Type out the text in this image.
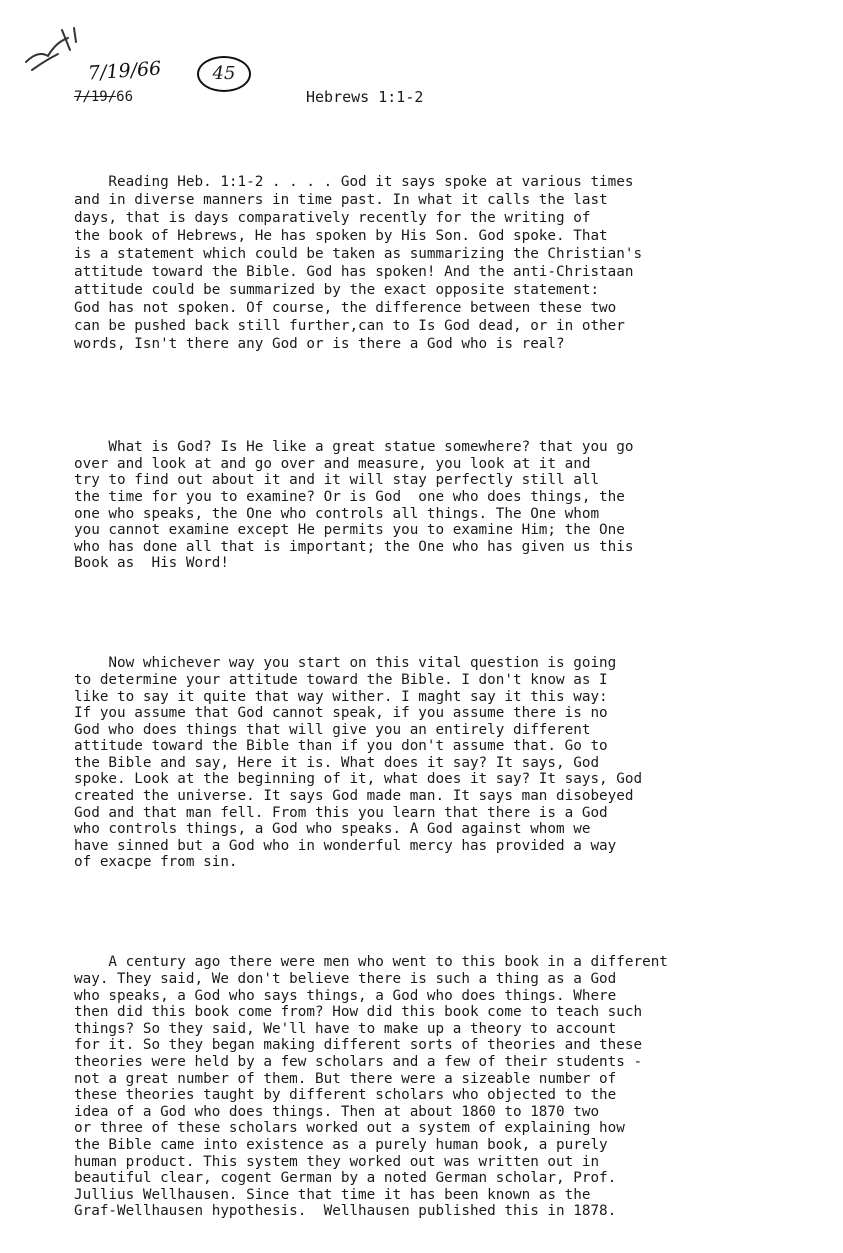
7/19/66	45
7/19/66	Hebrews 1:1-2

Reading Heb. 1:1-2 . . . . God it says spoke at various times
and in diverse manners in time past. In what it calls the last
days, that is days comparatively recently for the writing of
the book of Hebrews, He has spoken by His Son. God spoke. That
is a statement which could be taken as summarizing the Christian's
attitude toward the Bible. God has spoken! And the anti-Christaan
attitude could be summarized by the exact opposite statement:
God has not spoken. Of course, the difference between these two
can be pushed back still further,can to Is God dead, or in other
words, Isn't there any God or is there a God who is real?

What is God? Is He like a great statue somewhere? that you go
over and look at and go over and measure, you look at it and
try to find out about it and it will stay perfectly still all
the time for you to examine? Or is God  one who does things, the
one who speaks, the One who controls all things. The One whom
you cannot examine except He permits you to examine Him; the One
who has done all that is important; the One who has given us this
Book as  His Word!

Now whichever way you start on this vital question is going
to determine your attitude toward the Bible. I don't know as I
like to say it quite that way wither. I maght say it this way:
If you assume that God cannot speak, if you assume there is no
God who does things that will give you an entirely different
attitude toward the Bible than if you don't assume that. Go to
the Bible and say, Here it is. What does it say? It says, God
spoke. Look at the beginning of it, what does it say? It says, God
created the universe. It says God made man. It says man disobeyed
God and that man fell. From this you learn that there is a God
who controls things, a God who speaks. A God against whom we
have sinned but a God who in wonderful mercy has provided a way
of exacpe from sin.

A century ago there were men who went to this book in a different
way. They said, We don't believe there is such a thing as a God
who speaks, a God who says things, a God who does things. Where
then did this book come from? How did this book come to teach such
things? So they said, We'll have to make up a theory to account
for it. So they began making different sorts of theories and these
theories were held by a few scholars and a few of their students -
not a great number of them. But there were a sizeable number of
these theories taught by different scholars who objected to the
idea of a God who does things. Then at about 1860 to 1870 two
or three of these scholars worked out a system of explaining how
the Bible came into existence as a purely human book, a purely
human product. This system they worked out was written out in
beautiful clear, cogent German by a noted German scholar, Prof.
Jullius Wellhausen. Since that time it has been known as the
Graf-Wellhausen hypothesis.  Wellhausen published this in 1878.
